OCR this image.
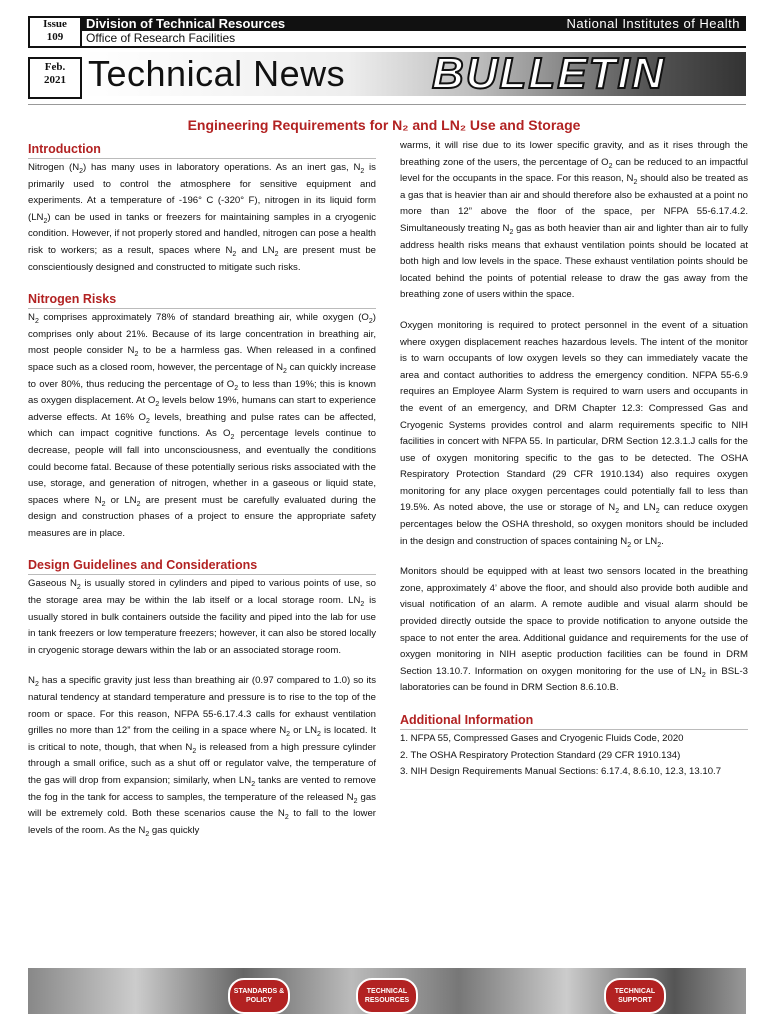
Issue
109
Feb.
2021
Division of Technical Resources	National Institutes of Health
Office of Research Facilities
Technical News BULLETIN
Engineering Requirements for N₂ and LN₂ Use and Storage
Introduction

Nitrogen $(N_2)$ has many uses in laboratory operations. As an inert gas, $N_2$ is primarily used to control the atmosphere for sensitive equipment and experiments. At a temperature of -196° C (-320° F), nitrogen in its liquid form $(LN_2)$ can be used in tanks or freezers for maintaining samples in a cryogenic condition. However, if not properly stored and handled, nitrogen can pose a health risk to workers; as a result, spaces where $N_2$ and $LN_2$ are present must be conscientiously designed and constructed to mitigate such risks.

Nitrogen Risks

$N_2$ comprises approximately 78% of standard breathing air, while oxygen $(O_2)$ comprises only about 21%. Because of its large concentration in breathing air, most people consider $N_2$ to be a harmless gas. When released in a confined space such as a closed room, however, the percentage of $N_2$ can quickly increase to over 80%, thus reducing the percentage of $O_2$ to less than 19%; this is known as oxygen displacement. At $O_2$ levels below 19%, humans can start to experience adverse effects. At 16% $O_2$ levels, breathing and pulse rates can be affected, which can impact cognitive functions. As $O_2$ percentage levels continue to decrease, people will fall into unconsciousness, and eventually the conditions could become fatal. Because of these potentially serious risks associated with the use, storage, and generation of nitrogen, whether in a gaseous or liquid state, spaces where $N_2$ or $LN_2$ are present must be carefully evaluated during the design and construction phases of a project to ensure the appropriate safety measures are in place.

Design Guidelines and Considerations

Gaseous $N_2$ is usually stored in cylinders and piped to various points of use, so the storage area may be within the lab itself or a local storage room. $LN_2$ is usually stored in bulk containers outside the facility and piped into the lab for use in tank freezers or low temperature freezers; however, it can also be stored locally in cryogenic storage dewars within the lab or an associated storage room.

$N_2$ has a specific gravity just less than breathing air (0.97 compared to 1.0) so its natural tendency at standard temperature and pressure is to rise to the top of the room or space. For this reason, NFPA 55-6.17.4.3 calls for exhaust ventilation grilles no more than 12” from the ceiling in a space where $N_2$ or $LN_2$ is located. It is critical to note, though, that when $N_2$ is released from a high pressure cylinder through a small orifice, such as a shut off or regulator valve, the temperature of the gas will drop from expansion; similarly, when $LN_2$ tanks are vented to remove the fog in the tank for access to samples, the temperature of the released $N_2$ gas will be extremely cold. Both these scenarios cause the $N_2$ to fall to the lower levels of the room. As the $N_2$ gas quickly

warms, it will rise due to its lower specific gravity, and as it rises through the breathing zone of the users, the percentage of $O_2$ can be reduced to an impactful level for the occupants in the space. For this reason, $N_2$ should also be treated as a gas that is heavier than air and should therefore also be exhausted at a point no more than 12” above the floor of the space, per NFPA 55-6.17.4.2. Simultaneously treating $N_2$ gas as both heavier than air and lighter than air to fully address health risks means that exhaust ventilation points should be located at both high and low levels in the space. These exhaust ventilation points should be located behind the points of potential release to draw the gas away from the breathing zone of users within the space.

Oxygen monitoring is required to protect personnel in the event of a situation where oxygen displacement reaches hazardous levels. The intent of the monitor is to warn occupants of low oxygen levels so they can immediately vacate the area and contact authorities to address the emergency condition. NFPA 55-6.9 requires an Employee Alarm System is required to warn users and occupants in the event of an emergency, and DRM Chapter 12.3: Compressed Gas and Cryogenic Systems provides control and alarm requirements specific to NIH facilities in concert with NFPA 55. In particular, DRM Section 12.3.1.J calls for the use of oxygen monitoring specific to the gas to be detected. The OSHA Respiratory Protection Standard (29 CFR 1910.134) also requires oxygen monitoring for any place oxygen percentages could potentially fall to less than 19.5%. As noted above, the use or storage of $N_2$ and $LN_2$ can reduce oxygen percentages below the OSHA threshold, so oxygen monitors should be included in the design and construction of spaces containing $N_2$ or $LN_2$.

Monitors should be equipped with at least two sensors located in the breathing zone, approximately 4’ above the floor, and should also provide both audible and visual notification of an alarm. A remote audible and visual alarm should be provided directly outside the space to provide notification to anyone outside the space to not enter the area. Additional guidance and requirements for the use of oxygen monitoring in NIH aseptic production facilities can be found in DRM Section 13.10.7. Information on oxygen monitoring for the use of $LN_2$ in BSL-3 laboratories can be found in DRM Section 8.6.10.B.

Additional Information

1. NFPA 55, Compressed Gases and Cryogenic Fluids Code, 2020

2. The OSHA Respiratory Protection Standard (29 CFR 1910.134)

3. NIH Design Requirements Manual Sections: 6.17.4, 8.6.10, 12.3, 13.10.7

STANDARDS & POLICY
TECHNICAL RESOURCES
TECHNICAL SUPPORT
